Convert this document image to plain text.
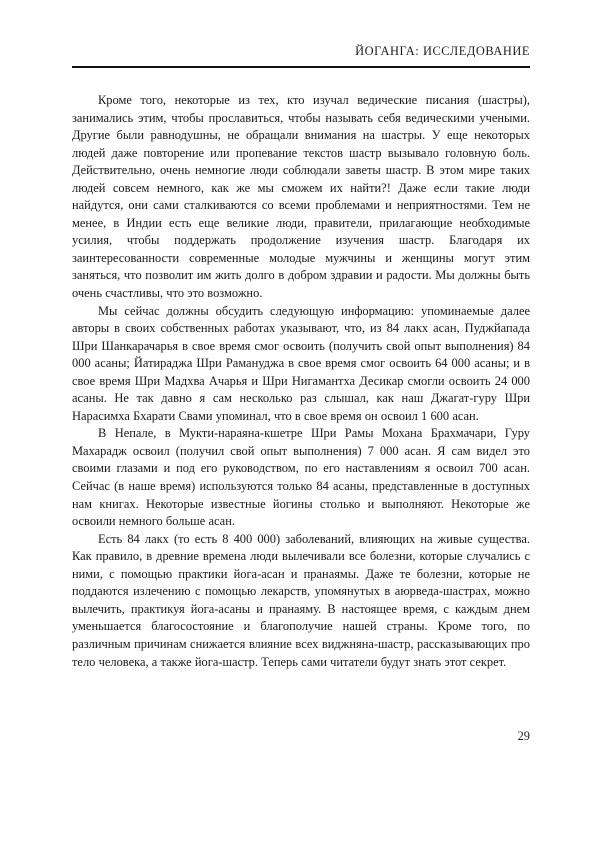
ЙОГАНГА: ИССЛЕДОВАНИЕ

Кроме того, некоторые из тех, кто изучал ведические писания (шастры), занимались этим, чтобы прославиться, чтобы называть себя ведическими учеными. Другие были равнодушны, не обращали внимания на шастры. У еще некоторых людей даже повторение или пропевание текстов шастр вызывало головную боль. Действительно, очень немногие люди соблюдали заветы шастр. В этом мире таких людей совсем немного, как же мы сможем их найти?! Даже если такие люди найдутся, они сами сталкиваются со всеми проблемами и неприятностями. Тем не менее, в Индии есть еще великие люди, правители, прилагающие необходимые усилия, чтобы поддержать продолжение изучения шастр. Благодаря их заинтересованности современные молодые мужчины и женщины могут этим заняться, что позволит им жить долго в добром здравии и радости. Мы должны быть очень счастливы, что это возможно.

Мы сейчас должны обсудить следующую информацию: упоминаемые далее авторы в своих собственных работах указывают, что, из 84 лакх асан, Пуджйапада Шри Шанкарачарья в свое время смог освоить (получить свой опыт выполнения) 84 000 асаны; Йатираджа Шри Рамануджа в свое время смог освоить 64 000 асаны; и в свое время Шри Мадхва Ачарья и Шри Нигамантха Десикар смогли освоить 24 000 асаны. Не так давно я сам несколько раз слышал, как наш Джагат-гуру Шри Нарасимха Бхарати Свами упоминал, что в свое время он освоил 1 600 асан.

В Непале, в Мукти-нараяна-кшетре Шри Рамы Мохана Брахмачари, Гуру Махарадж освоил (получил свой опыт выполнения) 7 000 асан. Я сам видел это своими глазами и под его руководством, по его наставлениям я освоил 700 асан. Сейчас (в наше время) используются только 84 асаны, представленные в доступных нам книгах. Некоторые известные йогины столько и выполняют. Некоторые же освоили немного больше асан.

Есть 84 лакх (то есть 8 400 000) заболеваний, влияющих на живые существа. Как правило, в древние времена люди вылечивали все болезни, которые случались с ними, с помощью практики йога-асан и пранаямы. Даже те болезни, которые не поддаются излечению с помощью лекарств, упомянутых в аюрведа-шастрах, можно вылечить, практикуя йога-асаны и пранаяму. В настоящее время, с каждым днем уменьшается благосостояние и благополучие нашей страны. Кроме того, по различным причинам снижается влияние всех виджняна-шастр, рассказывающих про тело человека, а также йога-шастр. Теперь сами читатели будут знать этот секрет.

29
